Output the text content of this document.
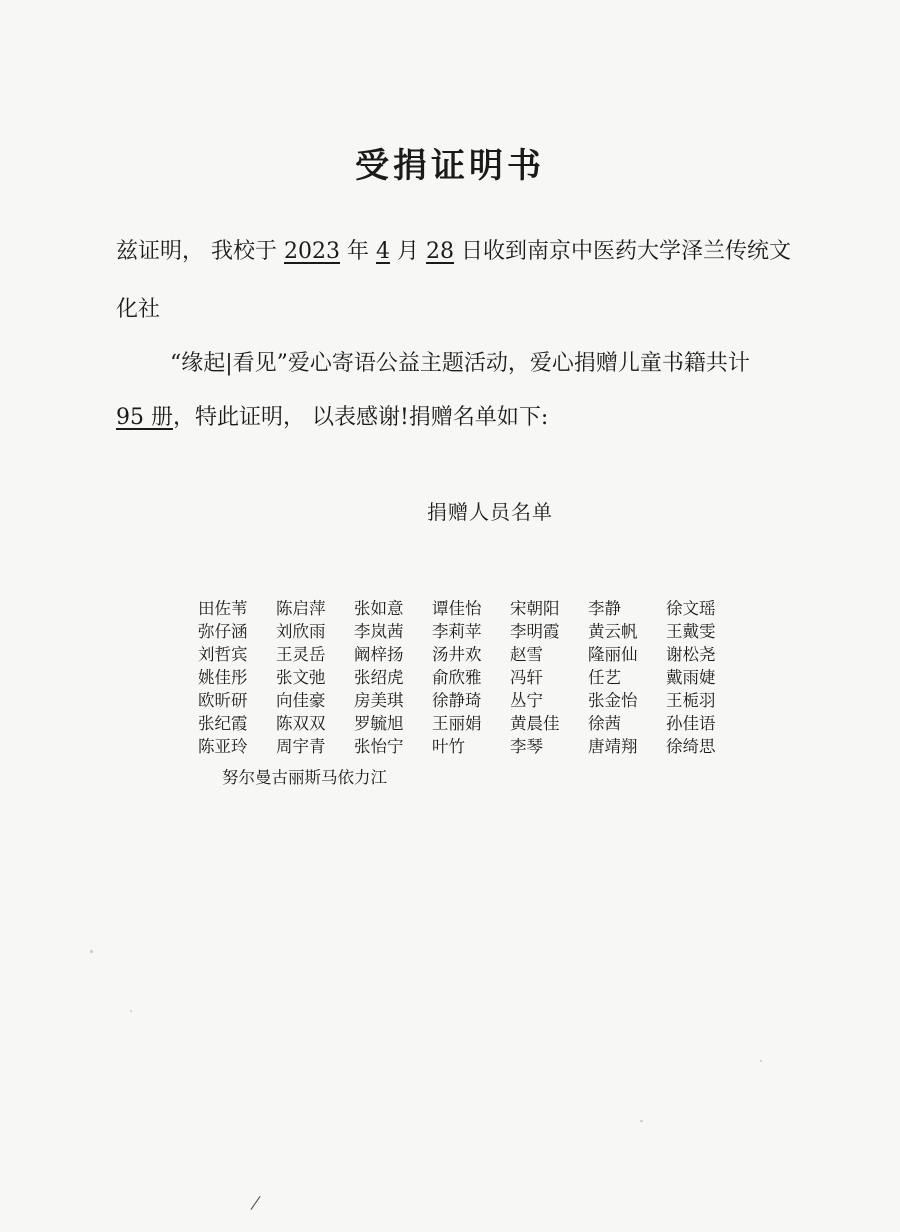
受捐证明书
兹证明， 我校于 2023 年 4 月 28 日收到南京中医药大学泽兰传统文
化社
“缘起|看见”爱心寄语公益主题活动，爱心捐赠儿童书籍共计
95 册，特此证明， 以表感谢!捐赠名单如下:
捐赠人员名单
田佐苇	陈启萍	张如意	谭佳怡	宋朝阳	李静	徐文瑶
弥仔涵	刘欣雨	李岚茜	李莉苹	李明霞	黄云帆	王戴雯
刘哲宾	王灵岳	阚梓扬	汤井欢	赵雪	隆丽仙	谢松尧
姚佳彤	张文弛	张绍虎	俞欣雅	冯轩	任艺	戴雨婕
欧昕研	向佳豪	房美琪	徐静琦	丛宁	张金怡	王栀羽
张纪霞	陈双双	罗毓旭	王丽娟	黄晨佳	徐茜	孙佳语
陈亚玲	周宇青	张怡宁	叶竹	李琴	唐靖翔	徐绮思
努尔曼古丽斯马依力江
